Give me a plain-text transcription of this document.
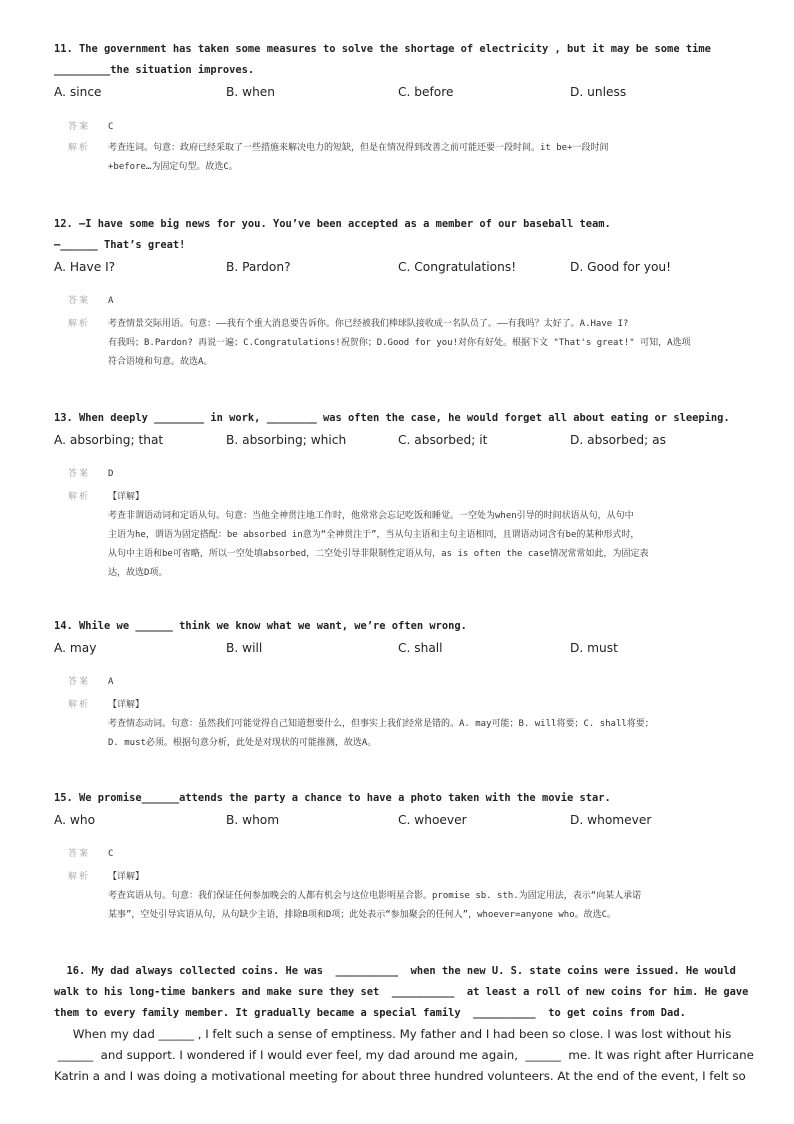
11. The government has taken some measures to solve the shortage of electricity , but it may be some time
_________the situation improves.
A. since	B. when	C. before	D. unless
答案 C
解析 考查连词。句意：政府已经采取了一些措施来解决电力的短缺，但是在情况得到改善之前可能还要一段时间。it be+一段时间
+before…为固定句型。故选C。
12. —I have some big news for you. You’ve been accepted as a member of our baseball team.
—______ That’s great!
A. Have I?	B. Pardon?	C. Congratulations!	D. Good for you!
答案 A
解析 考查情景交际用语。句意：——我有个重大消息要告诉你。你已经被我们棒球队接收成一名队员了。——有我吗？太好了。A.Have I?
有我吗；B.Pardon? 再说一遍；C.Congratulations!祝贺你；D.Good for you!对你有好处。根据下文 "That's great!" 可知，A选项
符合语境和句意。故选A。
13. When deeply ________ in work, ________ was often the case, he would forget all about eating or sleeping.
A. absorbing; that	B. absorbing; which	C. absorbed; it	D. absorbed; as
答案 D
解析 【详解】
考查非谓语动词和定语从句。句意：当他全神贯注地工作时，他常常会忘记吃饭和睡觉。一空处为when引导的时间状语从句，从句中
主语为he，谓语为固定搭配：be absorbed in意为“全神贯注于”，当从句主语和主句主语相同，且谓语动词含有be的某种形式时，
从句中主语和be可省略，所以一空处填absorbed，二空处引导非限制性定语从句，as is often the case情况常常如此，为固定表
达，故选D项。
14. While we ______ think we know what we want, we’re often wrong.
A. may	B. will	C. shall	D. must
答案 A
解析 【详解】
考查情态动词。句意：虽然我们可能觉得自己知道想要什么，但事实上我们经常是错的。A. may可能；B. will将要；C. shall将要；
D. must必须。根据句意分析，此处是对现状的可能推测，故选A。
15. We promise______attends the party a chance to have a photo taken with the movie star.
A. who	B. whom	C. whoever	D. whomever
答案 C
解析 【详解】
考查宾语从句。句意：我们保证任何参加晚会的人都有机会与这位电影明星合影。promise sb. sth.为固定用法，表示“向某人承诺
某事”，空处引导宾语从句，从句缺少主语，排除B项和D项；此处表示“参加聚会的任何人”，whoever=anyone who。故选C。
16. My dad always collected coins. He was  __________  when the new U. S. state coins were issued. He would
walk to his long-time bankers and make sure they set  __________  at least a roll of new coins for him. He gave
them to every family member. It gradually became a special family  __________  to get coins from Dad.
When my dad ______ , I felt such a sense of emptiness. My father and I had been so close. I was lost without his
______  and support. I wondered if I would ever feel, my dad around me again,  ______  me. It was right after Hurricane
Katrin a and I was doing a motivational meeting for about three hundred volunteers. At the end of the event, I felt so
